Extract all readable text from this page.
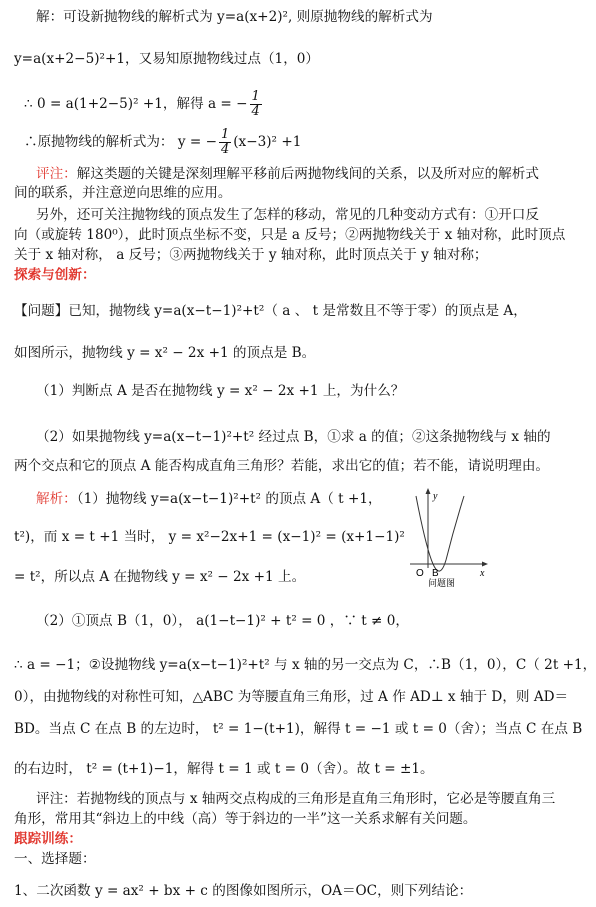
解：可设新抛物线的解析式为 y=a(x+2)², 则原抛物线的解析式为
y=a(x+2−5)²+1，又易知原抛物线过点（1，0）
∴ 0 = a(1+2−5)² +1，解得 a = − $\frac{1}{4}$
∴原抛物线的解析式为： y = − $\frac{1}{4} (x-3)^2 +1$
评注：解这类题的关键是深刻理解平移前后两抛物线间的关系，以及所对应的解析式
间的联系，并注意逆向思维的应用。
另外，还可关注抛物线的顶点发生了怎样的移动，常见的几种变动方式有：①开口反
向（或旋转 180⁰），此时顶点坐标不变，只是 a 反号；②两抛物线关于 x 轴对称，此时顶点
关于 x 轴对称， a 反号；③两抛物线关于 y 轴对称，此时顶点关于 y 轴对称；
探索与创新：
【问题】已知，抛物线 y=a(x−t−1)²+t²（ a 、 t 是常数且不等于零）的顶点是 A，
如图所示，抛物线 y = x² − 2x +1 的顶点是 B。
（1）判断点 A 是否在抛物线 y = x² − 2x +1 上，为什么？
（2）如果抛物线 y=a(x−t−1)²+t² 经过点 B，①求 a 的值；②这条抛物线与 x 轴的
两个交点和它的顶点 A 能否构成直角三角形？若能，求出它的值；若不能，请说明理由。
解析：（1）抛物线 y=a(x−t−1)²+t² 的顶点 A（ t +1，
t²)，而 x = t +1 当时， y = x²−2x+1 = (x−1)² = (x+1−1)²
= t²，所以点 A 在抛物线 y = x² − 2x +1 上。
y
x
O B
问题图
（2）①顶点 B（1，0）， a(1−t−1)² + t² = 0 ，∵ t ≠ 0，
∴ a = −1；②设抛物线 y=a(x−t−1)²+t² 与 x 轴的另一交点为 C，∴B（1，0），C（ 2t +1，
0），由抛物线的对称性可知，△ABC 为等腰直角三角形，过 A 作 AD⊥ x 轴于 D，则 AD＝
BD。当点 C 在点 B 的左边时， t² = 1−(t+1)，解得 t = −1 或 t = 0（舍）；当点 C 在点 B
的右边时， t² = (t+1)−1，解得 t = 1 或 t = 0（舍）。故 t = ±1。
评注：若抛物线的顶点与 x 轴两交点构成的三角形是直角三角形时，它必是等腰直角三
角形，常用其“斜边上的中线（高）等于斜边的一半”这一关系求解有关问题。
跟踪训练：
一、选择题：
1、二次函数 y = ax² + bx + c 的图像如图所示，OA＝OC，则下列结论：
